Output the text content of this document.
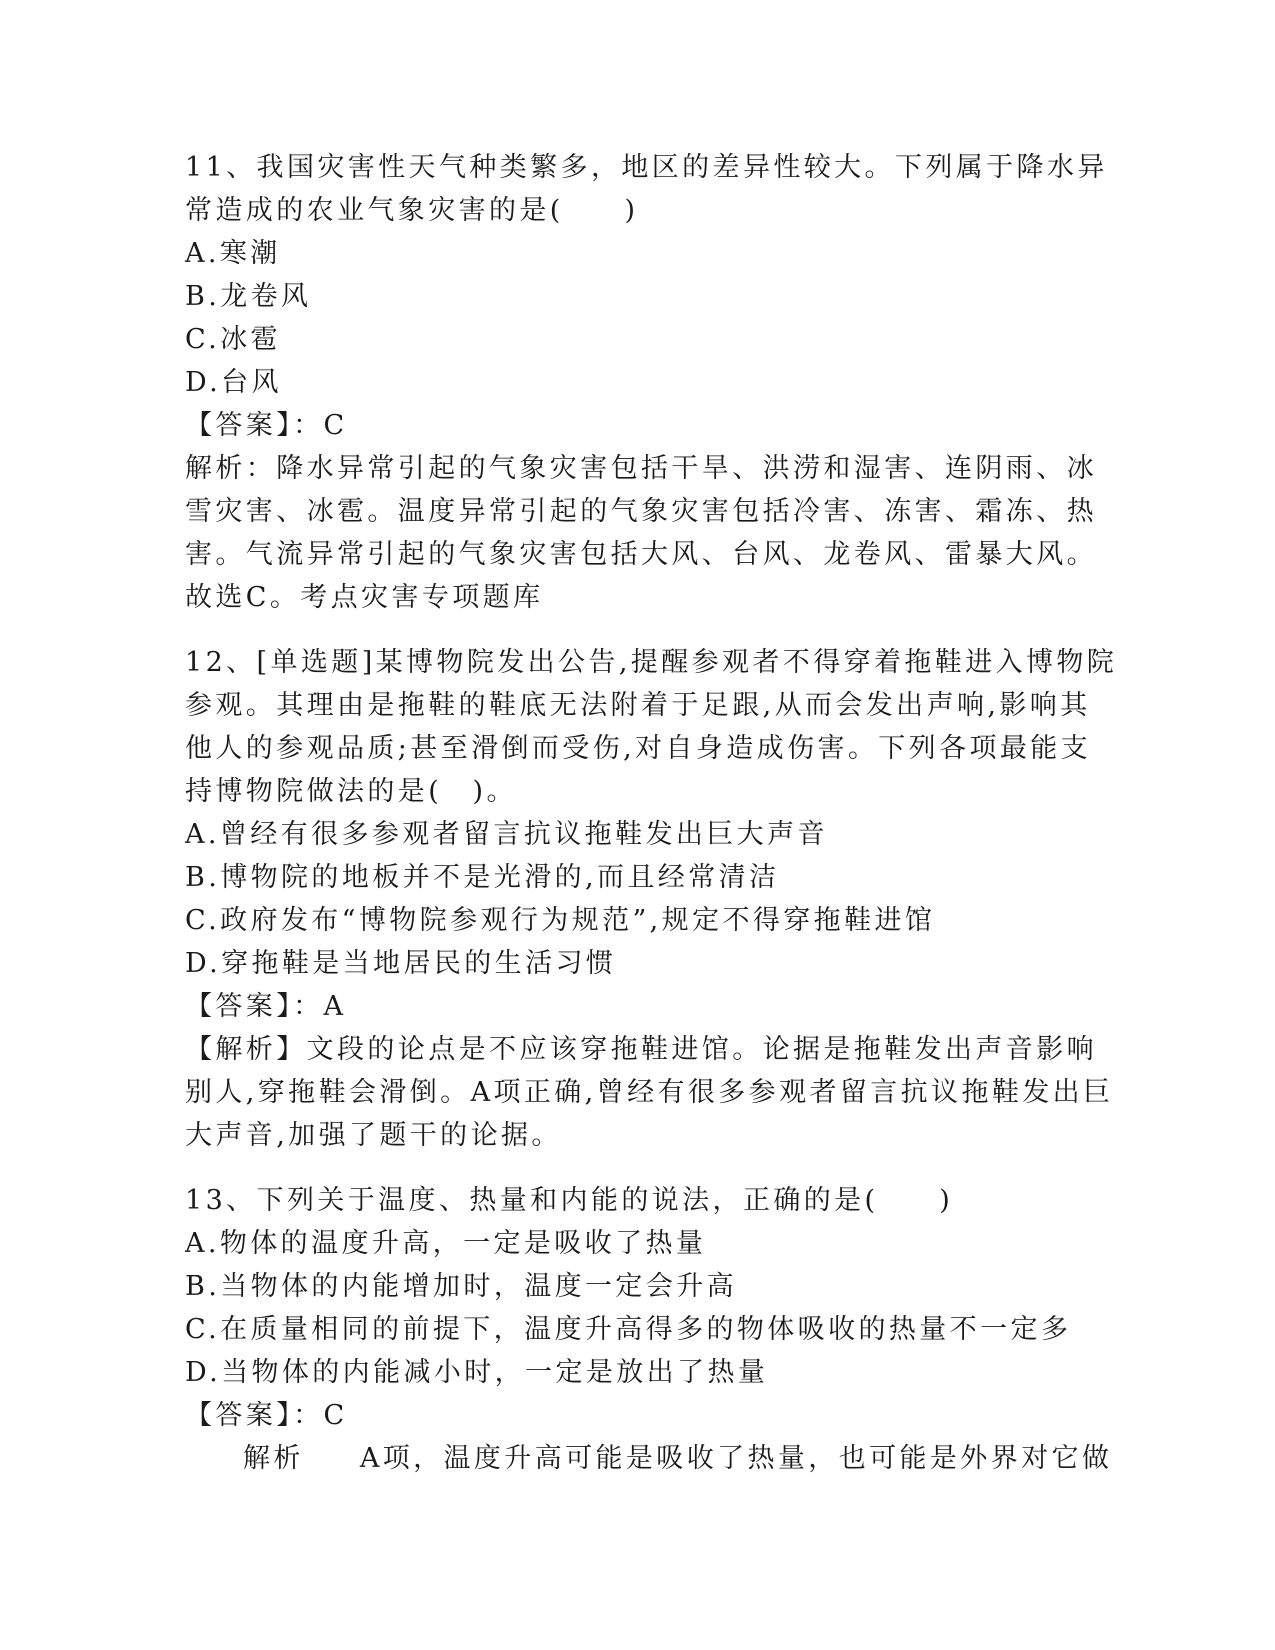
11、我国灾害性天气种类繁多，地区的差异性较大。下列属于降水异
常造成的农业气象灾害的是(　　)
A.寒潮
B.龙卷风
C.冰雹
D.台风
【答案】：C
解析：降水异常引起的气象灾害包括干旱、洪涝和湿害、连阴雨、冰
雪灾害、冰雹。温度异常引起的气象灾害包括冷害、冻害、霜冻、热
害。气流异常引起的气象灾害包括大风、台风、龙卷风、雷暴大风。
故选C。考点灾害专项题库
12、[单选题]某博物院发出公告,提醒参观者不得穿着拖鞋进入博物院
参观。其理由是拖鞋的鞋底无法附着于足跟,从而会发出声响,影响其
他人的参观品质;甚至滑倒而受伤,对自身造成伤害。下列各项最能支
持博物院做法的是(　)。
A.曾经有很多参观者留言抗议拖鞋发出巨大声音
B.博物院的地板并不是光滑的,而且经常清洁
C.政府发布“博物院参观行为规范”,规定不得穿拖鞋进馆
D.穿拖鞋是当地居民的生活习惯
【答案】：A
【解析】文段的论点是不应该穿拖鞋进馆。论据是拖鞋发出声音影响
别人,穿拖鞋会滑倒。A项正确,曾经有很多参观者留言抗议拖鞋发出巨
大声音,加强了题干的论据。
13、下列关于温度、热量和内能的说法，正确的是(　　)
A.物体的温度升高，一定是吸收了热量
B.当物体的内能增加时，温度一定会升高
C.在质量相同的前提下，温度升高得多的物体吸收的热量不一定多
D.当物体的内能减小时，一定是放出了热量
【答案】：C
解析 A项，温度升高可能是吸收了热量，也可能是外界对它做
